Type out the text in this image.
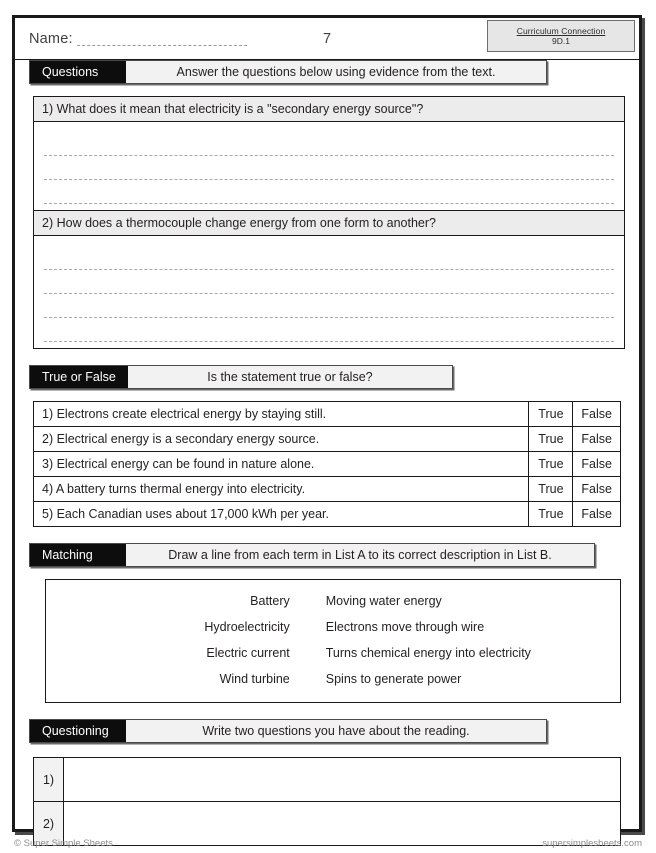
Name:	7	Curriculum Connection
9D.1
Questions	Answer the questions below using evidence from the text.
1) What does it mean that electricity is a "secondary energy source"?
2) How does a thermocouple change energy from one form to another?
True or False	Is the statement true or false?
1) Electrons create electrical energy by staying still.	True	False
2) Electrical energy is a secondary energy source.	True	False
3) Electrical energy can be found in nature alone.	True	False
4) A battery turns thermal energy into electricity.	True	False
5) Each Canadian uses about 17,000 kWh per year.	True	False
Matching	Draw a line from each term in List A to its correct description in List B.
Battery	Moving water energy
Hydroelectricity	Electrons move through wire
Electric current	Turns chemical energy into electricity
Wind turbine	Spins to generate power
Questioning	Write two questions you have about the reading.
1)	
2)	
© Super Simple Sheets	supersimplesheets.com
